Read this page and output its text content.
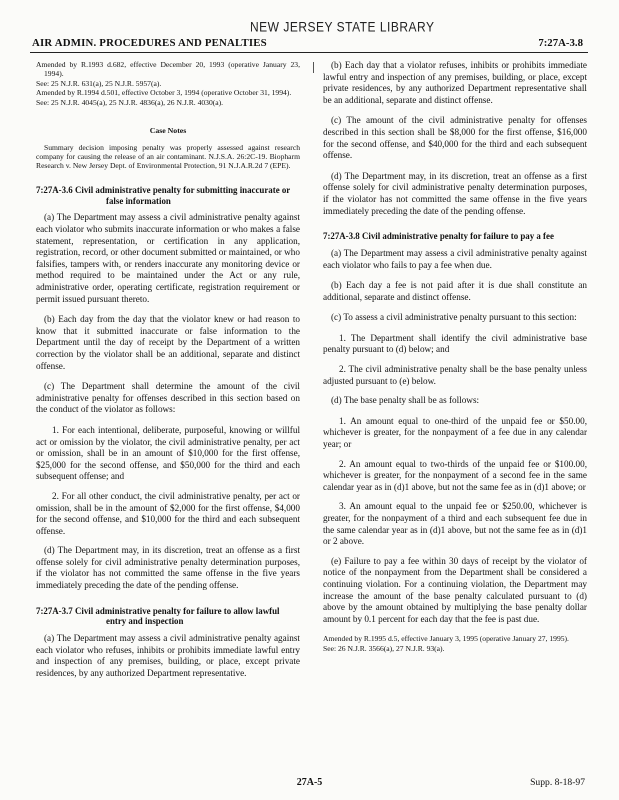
NEW JERSEY STATE LIBRARY
AIR ADMIN. PROCEDURES AND PENALTIES	7:27A-3.8

Amended by R.1993 d.682, effective December 20, 1993 (operative January 23, 1994).

See: 25 N.J.R. 631(a), 25 N.J.R. 5957(a).

Amended by R.1994 d.501, effective October 3, 1994 (operative October 31, 1994).

See: 25 N.J.R. 4045(a), 25 N.J.R. 4836(a), 26 N.J.R. 4030(a).

Case Notes

Summary decision imposing penalty was properly assessed against research company for causing the release of an air contaminant. N.J.S.A. 26:2C-19. Biopharm Research v. New Jersey Dept. of Environmental Protection, 91 N.J.A.R.2d 7 (EPE).

7:27A-3.6 Civil administrative penalty for submitting inaccurate or false information

(a) The Department may assess a civil administrative penalty against each violator who submits inaccurate information or who makes a false statement, representation, or certification in any application, registration, record, or other document submitted or maintained, or who falsifies, tampers with, or renders inaccurate any monitoring device or method required to be maintained under the Act or any rule, administrative order, operating certificate, registration requirement or permit issued pursuant thereto.

(b) Each day from the day that the violator knew or had reason to know that it submitted inaccurate or false information to the Department until the day of receipt by the Department of a written correction by the violator shall be an additional, separate and distinct offense.

(c) The Department shall determine the amount of the civil administrative penalty for offenses described in this section based on the conduct of the violator as follows:

1. For each intentional, deliberate, purposeful, knowing or willful act or omission by the violator, the civil administrative penalty, per act or omission, shall be in an amount of $10,000 for the first offense, $25,000 for the second offense, and $50,000 for the third and each subsequent offense; and

2. For all other conduct, the civil administrative penalty, per act or omission, shall be in the amount of $2,000 for the first offense, $4,000 for the second offense, and $10,000 for the third and each subsequent offense.

(d) The Department may, in its discretion, treat an offense as a first offense solely for civil administrative penalty determination purposes, if the violator has not committed the same offense in the five years immediately preceding the date of the pending offense.

7:27A-3.7 Civil administrative penalty for failure to allow lawful entry and inspection

(a) The Department may assess a civil administrative penalty against each violator who refuses, inhibits or prohibits immediate lawful entry and inspection of any premises, building, or place, except private residences, by any authorized Department representative.

(b) Each day that a violator refuses, inhibits or prohibits immediate lawful entry and inspection of any premises, building, or place, except private residences, by any authorized Department representative shall be an additional, separate and distinct offense.

(c) The amount of the civil administrative penalty for offenses described in this section shall be $8,000 for the first offense, $16,000 for the second offense, and $40,000 for the third and each subsequent offense.

(d) The Department may, in its discretion, treat an offense as a first offense solely for civil administrative penalty determination purposes, if the violator has not committed the same offense in the five years immediately preceding the date of the pending offense.

7:27A-3.8 Civil administrative penalty for failure to pay a fee

(a) The Department may assess a civil administrative penalty against each violator who fails to pay a fee when due.

(b) Each day a fee is not paid after it is due shall constitute an additional, separate and distinct offense.

(c) To assess a civil administrative penalty pursuant to this section:

1. The Department shall identify the civil administrative base penalty pursuant to (d) below; and

2. The civil administrative penalty shall be the base penalty unless adjusted pursuant to (e) below.

(d) The base penalty shall be as follows:

1. An amount equal to one-third of the unpaid fee or $50.00, whichever is greater, for the nonpayment of a fee due in any calendar year; or

2. An amount equal to two-thirds of the unpaid fee or $100.00, whichever is greater, for the nonpayment of a second fee in the same calendar year as in (d)1 above, but not the same fee as in (d)1 above; or

3. An amount equal to the unpaid fee or $250.00, whichever is greater, for the nonpayment of a third and each subsequent fee due in the same calendar year as in (d)1 above, but not the same fee as in (d)1 or 2 above.

(e) Failure to pay a fee within 30 days of receipt by the violator of notice of the nonpayment from the Department shall be considered a continuing violation. For a continuing violation, the Department may increase the amount of the base penalty calculated pursuant to (d) above by the amount obtained by multiplying the base penalty dollar amount by 0.1 percent for each day that the fee is past due.

Amended by R.1995 d.5, effective January 3, 1995 (operative January 27, 1995).

See: 26 N.J.R. 3566(a), 27 N.J.R. 93(a).

27A-5	Supp. 8-18-97
